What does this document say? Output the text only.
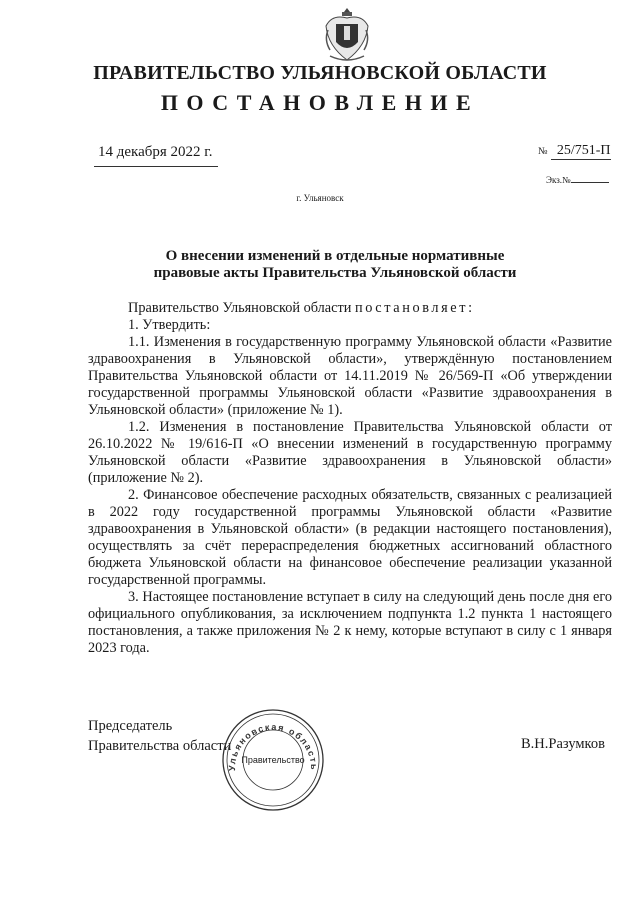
ПРАВИТЕЛЬСТВО УЛЬЯНОВСКОЙ ОБЛАСТИ
ПОСТАНОВЛЕНИЕ
14 декабря 2022 г.	№ 25/751-П
Экз.№
г. Ульяновск
О внесении изменений в отдельные нормативные
правовые акты Правительства Ульяновской области

Правительство Ульяновской области постановляет:

1. Утвердить:

1.1. Изменения в государственную программу Ульяновской области «Развитие здравоохранения в Ульяновской области», утверждённую постановлением Правительства Ульяновской области от 14.11.2019 № 26/569-П «Об утверждении государственной программы Ульяновской области «Развитие здравоохранения в Ульяновской области» (приложение № 1).

1.2. Изменения в постановление Правительства Ульяновской области от 26.10.2022 № 19/616-П «О внесении изменений в государственную программу Ульяновской области «Развитие здравоохранения в Ульяновской области» (приложение № 2).

2. Финансовое обеспечение расходных обязательств, связанных с реализацией в 2022 году государственной программы Ульяновской области «Развитие здравоохранения в Ульяновской области» (в редакции настоящего постановления), осуществлять за счёт перераспределения бюджетных ассигнований областного бюджета Ульяновской области на финансовое обеспечение реализации указанной государственной программы.

3. Настоящее постановление вступает в силу на следующий день после дня его официального опубликования, за исключением подпункта 1.2 пункта 1 настоящего постановления, а также приложения № 2 к нему, которые вступают в силу с 1 января 2023 года.

Председатель
Правительства области	В.Н.Разумков
Ульяновская область
Правительство
